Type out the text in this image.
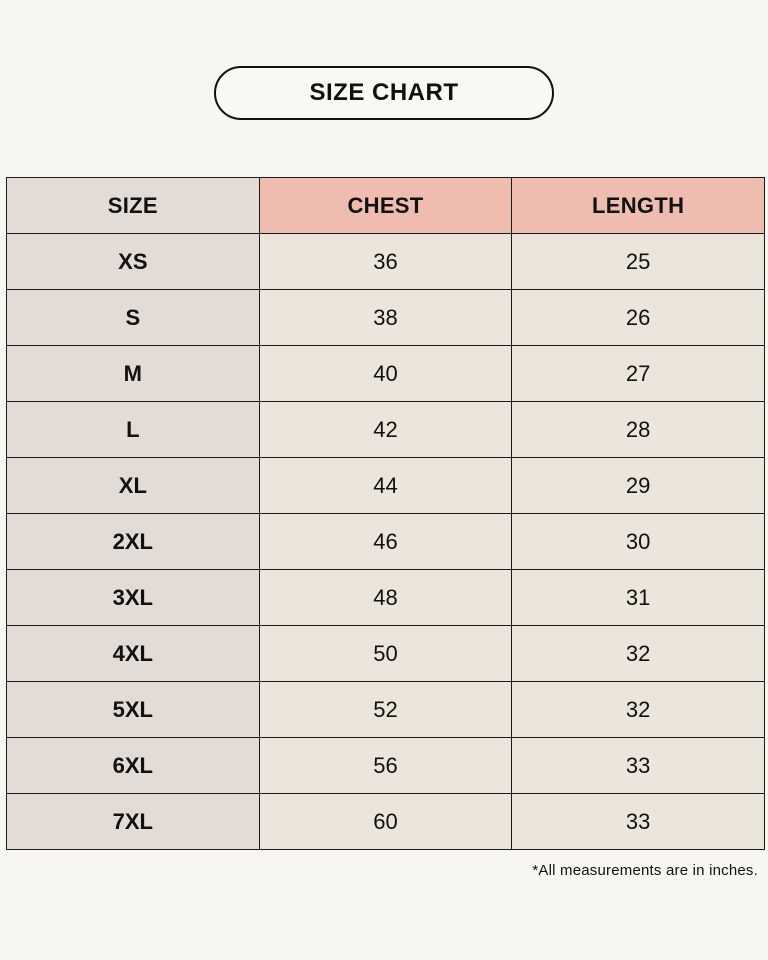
SIZE CHART
SIZE	CHEST	LENGTH
XS	36	25
S	38	26
M	40	27
L	42	28
XL	44	29
2XL	46	30
3XL	48	31
4XL	50	32
5XL	52	32
6XL	56	33
7XL	60	33
*All measurements are in inches.
